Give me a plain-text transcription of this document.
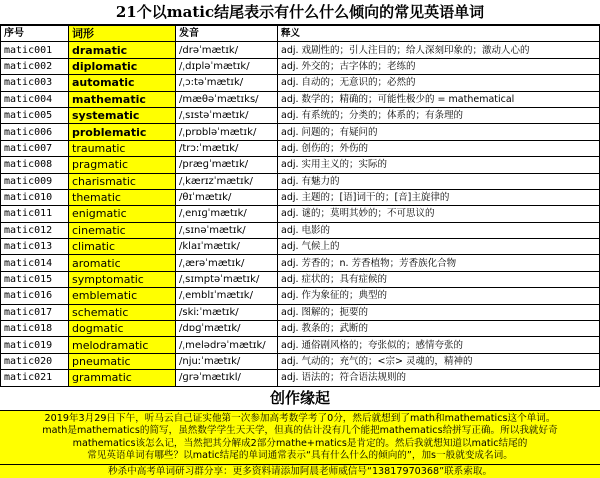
21个以matic结尾表示有什么什么倾向的常见英语单词
序号	词形	发音	释义
matic001	dramatic	/drəˈmætɪk/	adj. 戏剧性的；引人注目的；给人深刻印象的；激动人心的
matic002	diplomatic	/ˌdɪpləˈmætɪk/	adj. 外交的；古字体的；老练的
matic003	automatic	/ˌɔ:təˈmætɪk/	adj. 自动的；无意识的；必然的
matic004	mathematic	/mæθəˈmætɪks/	adj. 数学的；精确的；可能性极少的 = mathematical
matic005	systematic	/ˌsɪstəˈmætɪk/	adj. 有系统的；分类的；体系的；有条理的
matic006	problematic	/ˌprɒbləˈmætɪk/	adj. 问题的；有疑问的
matic007	traumatic	/trɔ:ˈmætɪk/	adj. 创伤的；外伤的
matic008	pragmatic	/præɡˈmætɪk/	adj. 实用主义的；实际的
matic009	charismatic	/ˌkærɪzˈmætɪk/	adj. 有魅力的
matic010	thematic	/θɪˈmætɪk/	adj. 主题的；[语]词干的；[音]主旋律的
matic011	enigmatic	/ˌenɪɡˈmætɪk/	adj. 谜的；莫明其妙的；不可思议的
matic012	cinematic	/ˌsɪnəˈmætɪk/	adj. 电影的
matic013	climatic	/klaɪˈmætɪk/	adj. 气候上的
matic014	aromatic	/ˌærəˈmætɪk/	adj. 芳香的；n. 芳香植物；芳香族化合物
matic015	symptomatic	/ˌsɪmptəˈmætɪk/	adj. 症状的；具有症候的
matic016	emblematic	/ˌemblɪˈmætɪk/	adj. 作为象征的；典型的
matic017	schematic	/skiːˈmætɪk/	adj. 图解的；扼要的
matic018	dogmatic	/dɒɡˈmætɪk/	adj. 教条的；武断的
matic019	melodramatic	/ˌmelədrəˈmætɪk/	adj. 通俗剧风格的；夸张似的；感情夸张的
matic020	pneumatic	/njuːˈmætɪk/	adj. 气动的；充气的；<宗> 灵魂的，精神的
matic021	grammatic	/ɡrəˈmætɪkl/	adj. 语法的；符合语法规则的
创作缘起

2019年3月29日下午，听马云自己证实他第一次参加高考数学考了0分，然后就想到了math和mathematics这个单词。

math是mathematics的简写，虽然数学学生天天学，但真的估计没有几个能把mathematics给拼写正确。所以我就好奇

mathematics该怎么记，当然把其分解成2部分mathe+matics是肯定的。然后我就想知道以matic结尾的

常见英语单词有哪些？以matic结尾的单词通常表示“具有什么什么的倾向的”，加s一般就变成名词。

秒杀中高考单词研习群分享：更多资料请添加阿晨老师威信号“13817970368”联系索取。
